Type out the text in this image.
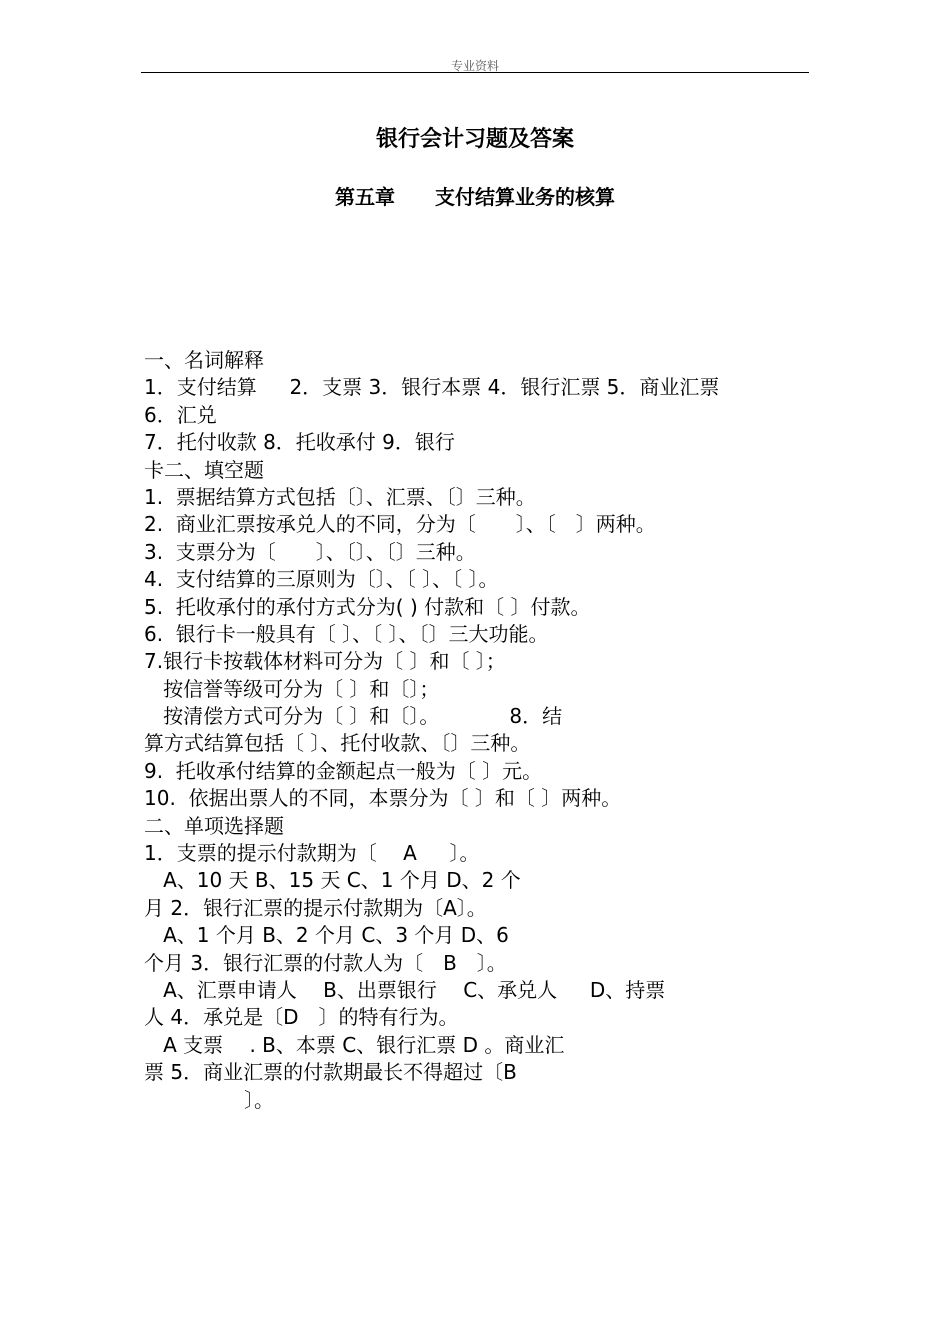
专业资料
银行会计习题及答案
第五章　　支付结算业务的核算
一、名词解释
1．支付结算　  2．支票 3．银行本票 4．银行汇票 5．商业汇票
6．汇兑
7．托付收款 8．托收承付 9．银行
卡二、填空题
1.  票据结算方式包括〔〕、汇票、〔〕三种。
2.  商业汇票按承兑人的不同，分为〔　　〕、〔　〕两种。
3.  支票分为〔　　〕、〔〕、〔〕三种。
4.  支付结算的三原则为〔〕、〔 〕、〔 〕。
5.  托收承付的承付方式分为( ) 付款和〔 〕付款。
6.  银行卡一般具有〔 〕、〔 〕、〔〕三大功能。
7.银行卡按载体材料可分为〔 〕和〔 〕；
按信誉等级可分为〔 〕和〔〕；
按清偿方式可分为〔 〕和〔〕。　　　　8．结
算方式结算包括〔 〕、托付收款、〔〕三种。
9.  托收承付结算的金额起点一般为〔 〕元。
10.  依据出票人的不同，本票分为〔 〕和〔 〕两种。
二、单项选择题
1．支票的提示付款期为〔　 A　  〕。
A、10 天 B、15 天 C、1 个月 D、2 个
月 2．银行汇票的提示付款期为〔A〕。
A、1 个月 B、2 个月 C、3 个月 D、6
个月 3．银行汇票的付款人为〔　B　〕。
A、汇票申请人　 B、出票银行　 C、承兑人　  D、持票
人 4．承兑是〔D　〕的特有行为。
A 支票　 . B、本票 C、银行汇票 D 。商业汇
票 5．商业汇票的付款期最长不得超过〔B
　　　　　〕。
